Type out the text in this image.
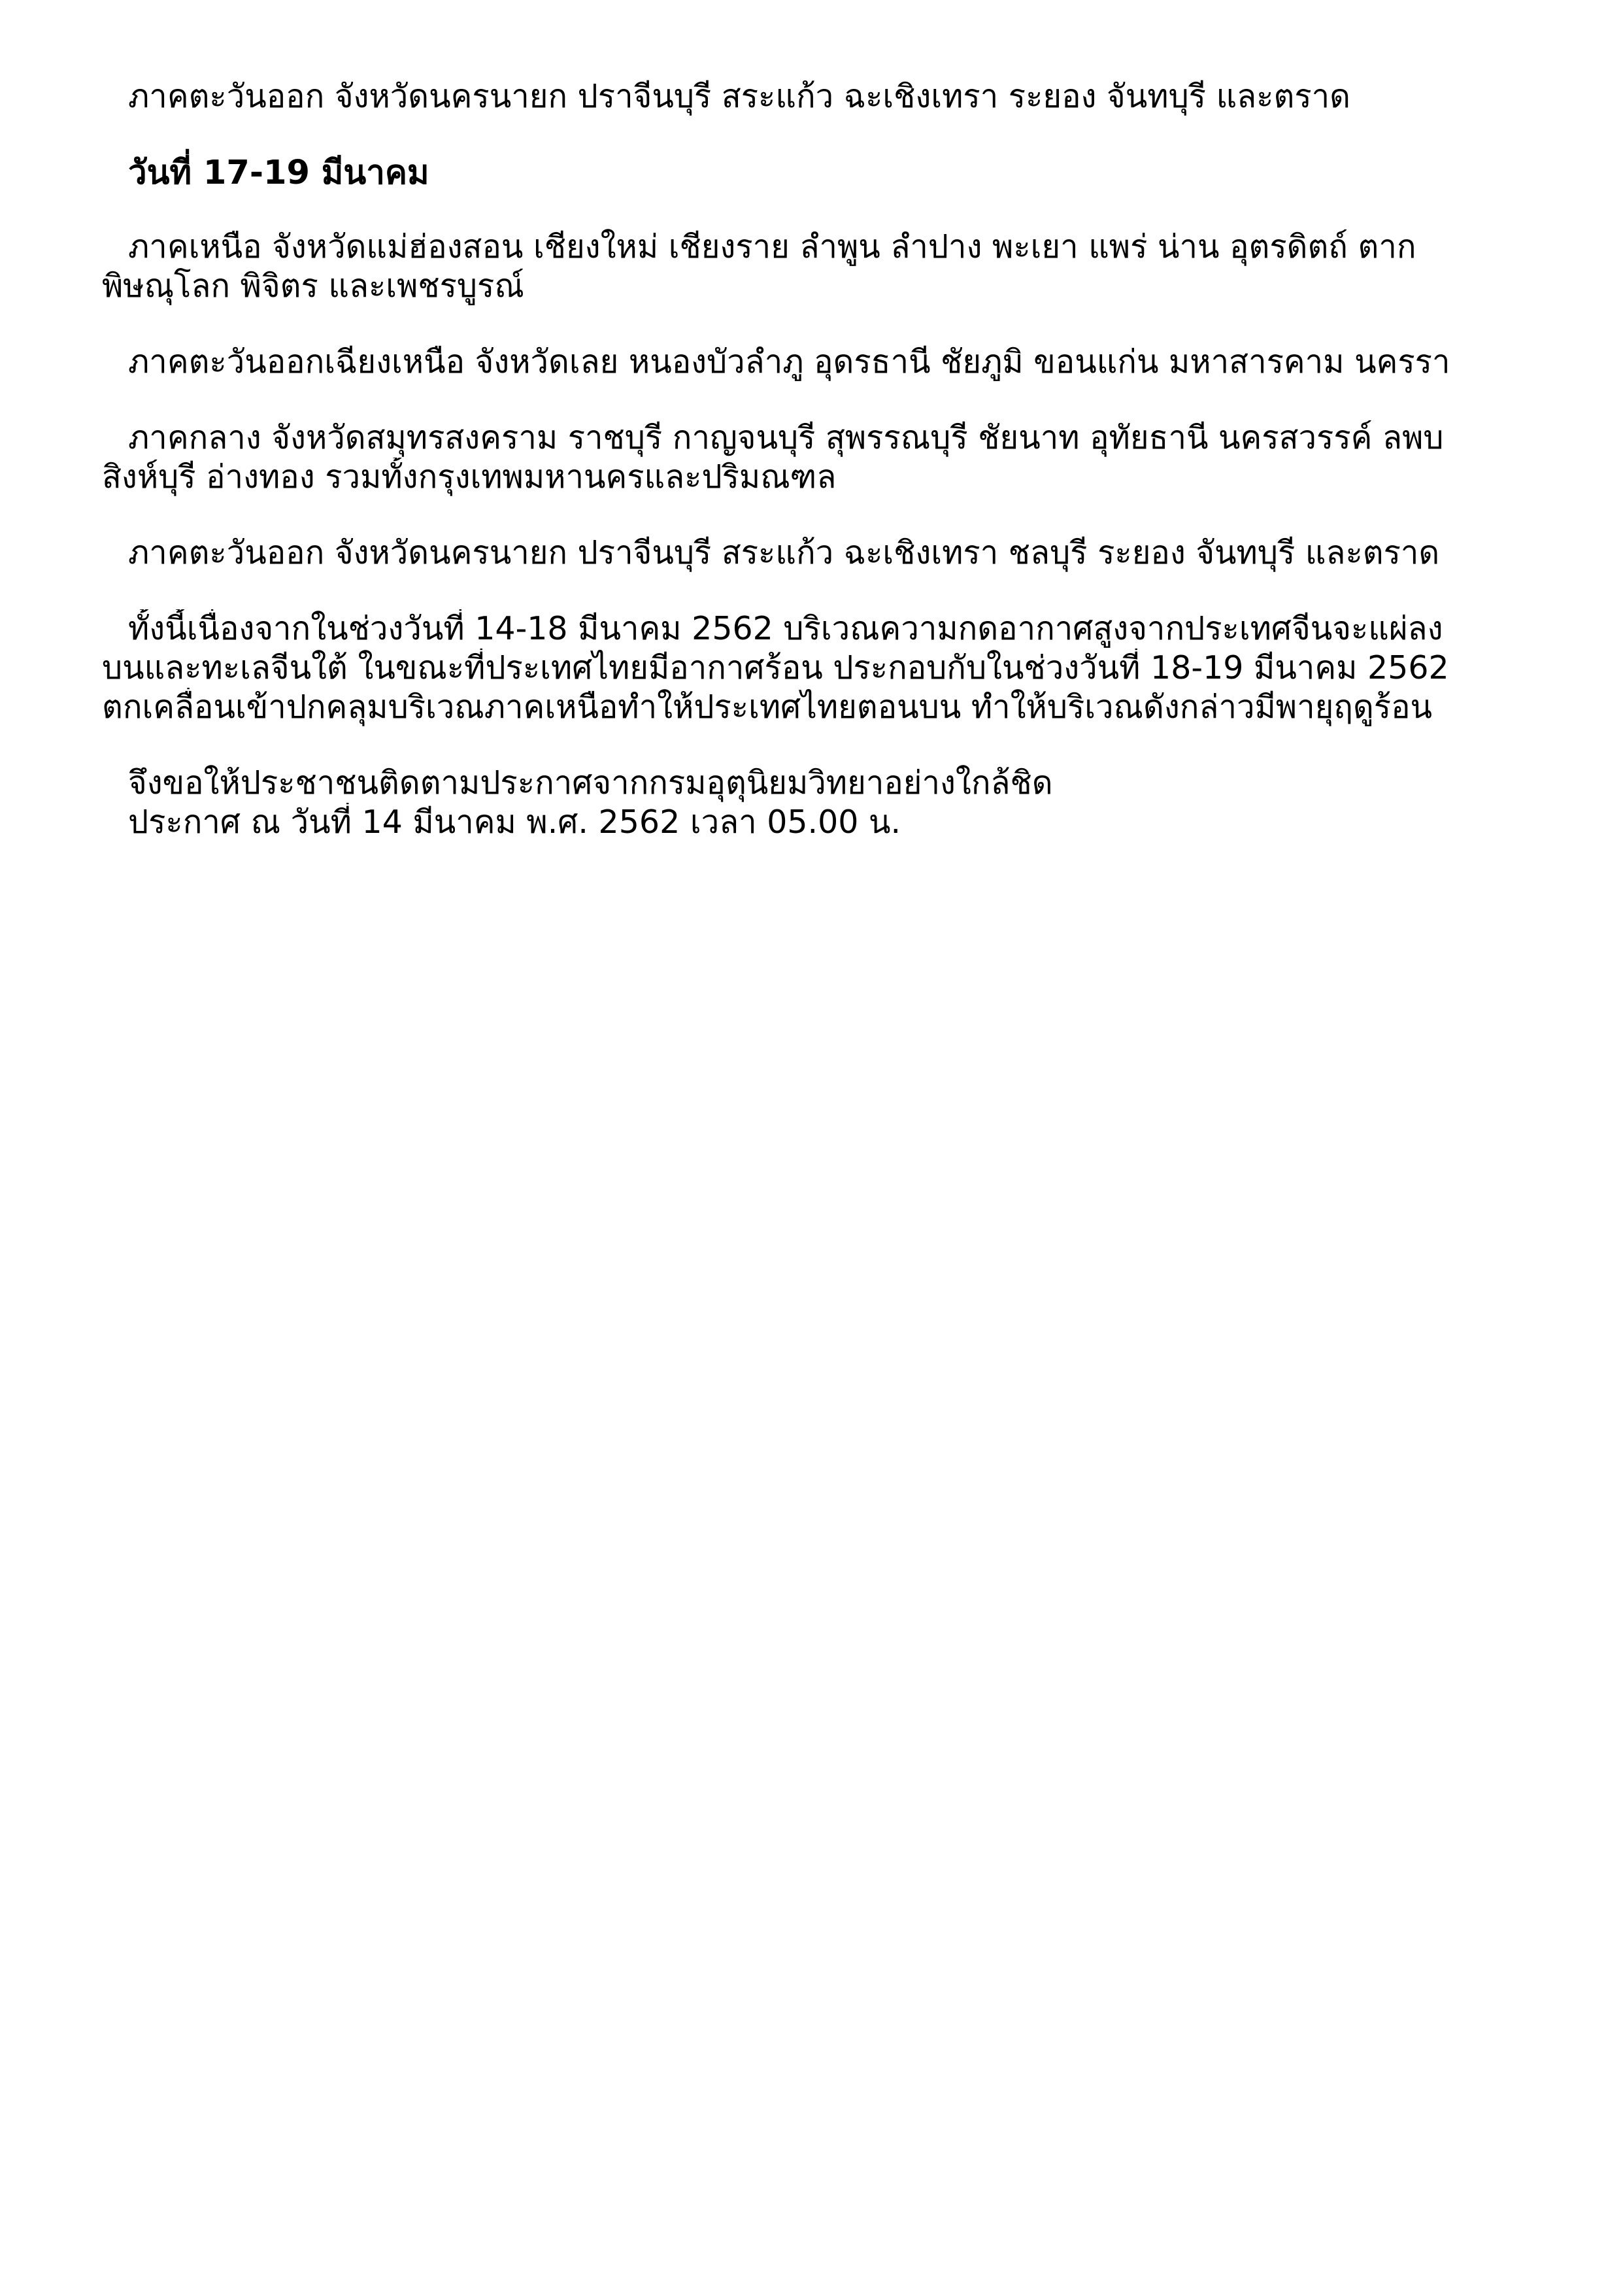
ภาคตะวันออก จังหวัดนครนายก ปราจีนบุรี สระแก้ว ฉะเชิงเทรา ระยอง จันทบุรี และตราด
วันที่ 17-19 มีนาคม
ภาคเหนือ จังหวัดแม่ฮ่องสอน เชียงใหม่ เชียงราย ลำพูน ลำปาง พะเยา แพร่ น่าน อุตรดิตถ์ ตาก
พิษณุโลก พิจิตร และเพชรบูรณ์
ภาคตะวันออกเฉียงเหนือ จังหวัดเลย หนองบัวลำภู อุดรธานี ชัยภูมิ ขอนแก่น มหาสารคาม นครรา
ภาคกลาง จังหวัดสมุทรสงคราม ราชบุรี กาญจนบุรี สุพรรณบุรี ชัยนาท อุทัยธานี นครสวรรค์ ลพบ
สิงห์บุรี อ่างทอง รวมทั้งกรุงเทพมหานครและปริมณฑล
ภาคตะวันออก จังหวัดนครนายก ปราจีนบุรี สระแก้ว ฉะเชิงเทรา ชลบุรี ระยอง จันทบุรี และตราด
ทั้งนี้เนื่องจากในช่วงวันที่ 14-18 มีนาคม 2562 บริเวณความกดอากาศสูงจากประเทศจีนจะแผ่ลง
บนและทะเลจีนใต้ ในขณะที่ประเทศไทยมีอากาศร้อน ประกอบกับในช่วงวันที่ 18-19 มีนาคม 2562
ตกเคลื่อนเข้าปกคลุมบริเวณภาคเหนือทำให้ประเทศไทยตอนบน ทำให้บริเวณดังกล่าวมีพายุฤดูร้อน
จึงขอให้ประชาชนติดตามประกาศจากกรมอุตุนิยมวิทยาอย่างใกล้ชิด
ประกาศ ณ วันที่ 14 มีนาคม พ.ศ. 2562 เวลา 05.00 น.
